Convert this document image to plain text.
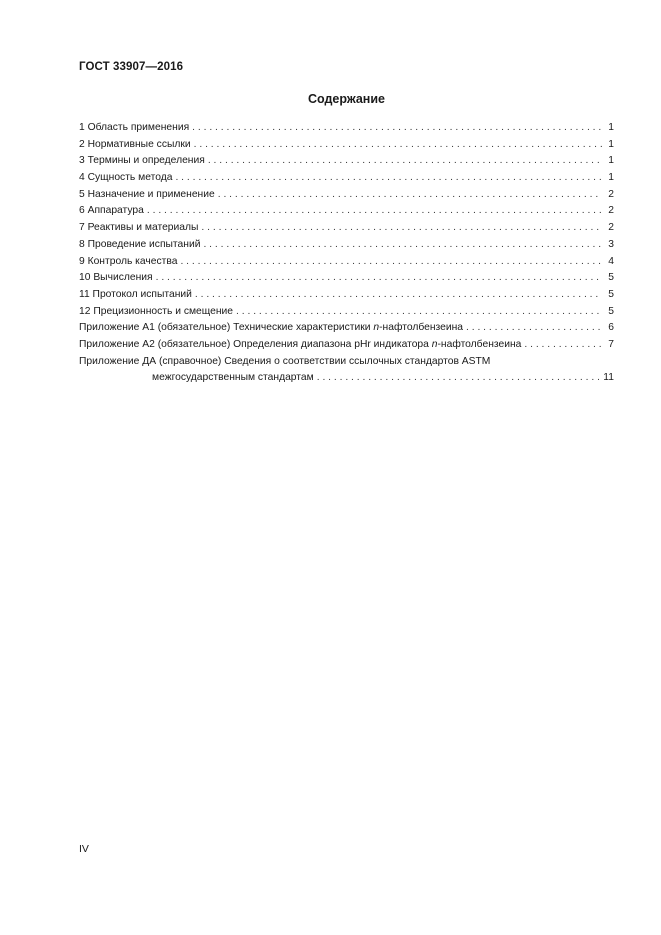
ГОСТ 33907—2016
Содержание
1 Область применения . . .	1
2 Нормативные ссылки . . .	1
3 Термины и определения . . .	1
4 Сущность метода . . .	1
5 Назначение и применение . . .	2
6 Аппаратура . . .	2
7 Реактивы и материалы . . .	2
8 Проведение испытаний . . .	3
9 Контроль качества . . .	4
10 Вычисления . . .	5
11 Протокол испытаний . . .	5
12 Прецизионность и смещение . . .	5
Приложение А1 (обязательное) Технические характеристики n-нафтолбензеина . . .	6
Приложение А2 (обязательное) Определения диапазона pHr индикатора n-нафтолбензеина . . .	7
Приложение ДА (справочное) Сведения о соответствии ссылочных стандартов ASTM
межгосударственным стандартам . . .	11
IV
